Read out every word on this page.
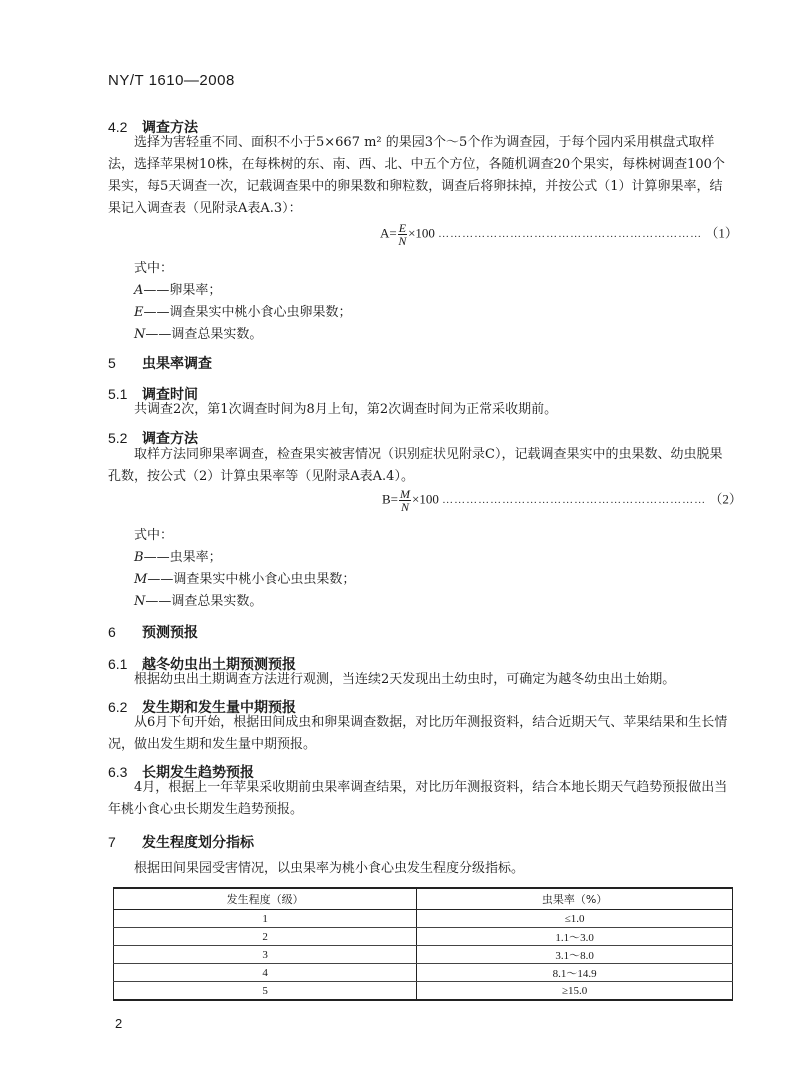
NY/T 1610—2008
4.2 调查方法
选择为害轻重不同、面积不小于5×667 m² 的果园3个～5个作为调查园，于每个园内采用棋盘式取样法，选择苹果树10株，在每株树的东、南、西、北、中五个方位，各随机调查20个果实，每株树调查100个果实，每5天调查一次，记载调查果中的卵果数和卵粒数，调查后将卵抹掉，并按公式（1）计算卵果率，结果记入调查表（见附录A表A.3）：
$A= \frac{E}{N} \times 100$ ………………………………………………………… （1）
式中：
A——卵果率；
E——调查果实中桃小食心虫卵果数；
N——调查总果实数。
5 虫果率调查
5.1 调查时间
共调查2次，第1次调查时间为8月上旬，第2次调查时间为正常采收期前。
5.2 调查方法
取样方法同卵果率调查，检查果实被害情况（识别症状见附录C），记载调查果实中的虫果数、幼虫脱果孔数，按公式（2）计算虫果率等（见附录A表A.4）。
$B= \frac{M}{N} \times 100$ ………………………………………………………… （2）
式中：
B——虫果率；
M——调查果实中桃小食心虫虫果数；
N——调查总果实数。
6 预测预报
6.1 越冬幼虫出土期预测预报
根据幼虫出土期调查方法进行观测，当连续2天发现出土幼虫时，可确定为越冬幼虫出土始期。
6.2 发生期和发生量中期预报
从6月下旬开始，根据田间成虫和卵果调查数据，对比历年测报资料，结合近期天气、苹果结果和生长情况，做出发生期和发生量中期预报。
6.3 长期发生趋势预报
4月，根据上一年苹果采收期前虫果率调查结果，对比历年测报资料，结合本地长期天气趋势预报做出当年桃小食心虫长期发生趋势预报。
7 发生程度划分指标
根据田间果园受害情况，以虫果率为桃小食心虫发生程度分级指标。
发生程度（级）	虫果率（%）
1	≤1.0
2	1.1～3.0
3	3.1～8.0
4	8.1～14.9
5	≥15.0
2
